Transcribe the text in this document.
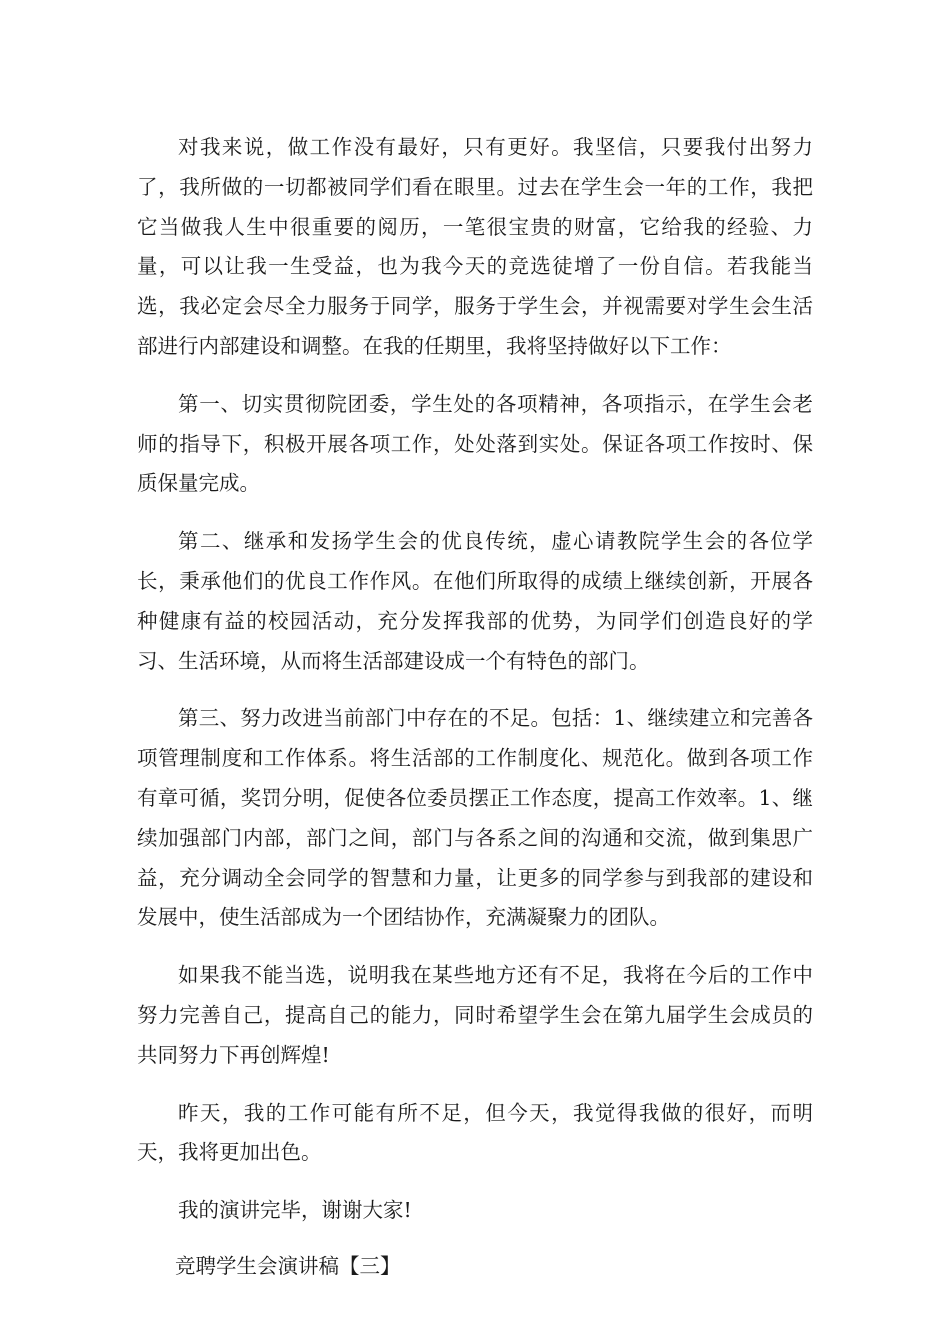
对我来说，做工作没有最好，只有更好。我坚信，只要我付出努力了，我所做的一切都被同学们看在眼里。过去在学生会一年的工作，我把它当做我人生中很重要的阅历，一笔很宝贵的财富，它给我的经验、力量，可以让我一生受益，也为我今天的竞选徒增了一份自信。若我能当选，我必定会尽全力服务于同学，服务于学生会，并视需要对学生会生活部进行内部建设和调整。在我的任期里，我将坚持做好以下工作：

第一、切实贯彻院团委，学生处的各项精神，各项指示，在学生会老师的指导下，积极开展各项工作，处处落到实处。保证各项工作按时、保质保量完成。

第二、继承和发扬学生会的优良传统，虚心请教院学生会的各位学长，秉承他们的优良工作作风。在他们所取得的成绩上继续创新，开展各种健康有益的校园活动，充分发挥我部的优势，为同学们创造良好的学习、生活环境，从而将生活部建设成一个有特色的部门。

第三、努力改进当前部门中存在的不足。包括：1、继续建立和完善各项管理制度和工作体系。将生活部的工作制度化、规范化。做到各项工作有章可循，奖罚分明，促使各位委员摆正工作态度，提高工作效率。1、继续加强部门内部，部门之间，部门与各系之间的沟通和交流，做到集思广益，充分调动全会同学的智慧和力量，让更多的同学参与到我部的建设和发展中，使生活部成为一个团结协作，充满凝聚力的团队。

如果我不能当选，说明我在某些地方还有不足，我将在今后的工作中努力完善自己，提高自己的能力，同时希望学生会在第九届学生会成员的共同努力下再创辉煌!

昨天，我的工作可能有所不足，但今天，我觉得我做的很好，而明天，我将更加出色。

我的演讲完毕，谢谢大家!

竞聘学生会演讲稿【三】
